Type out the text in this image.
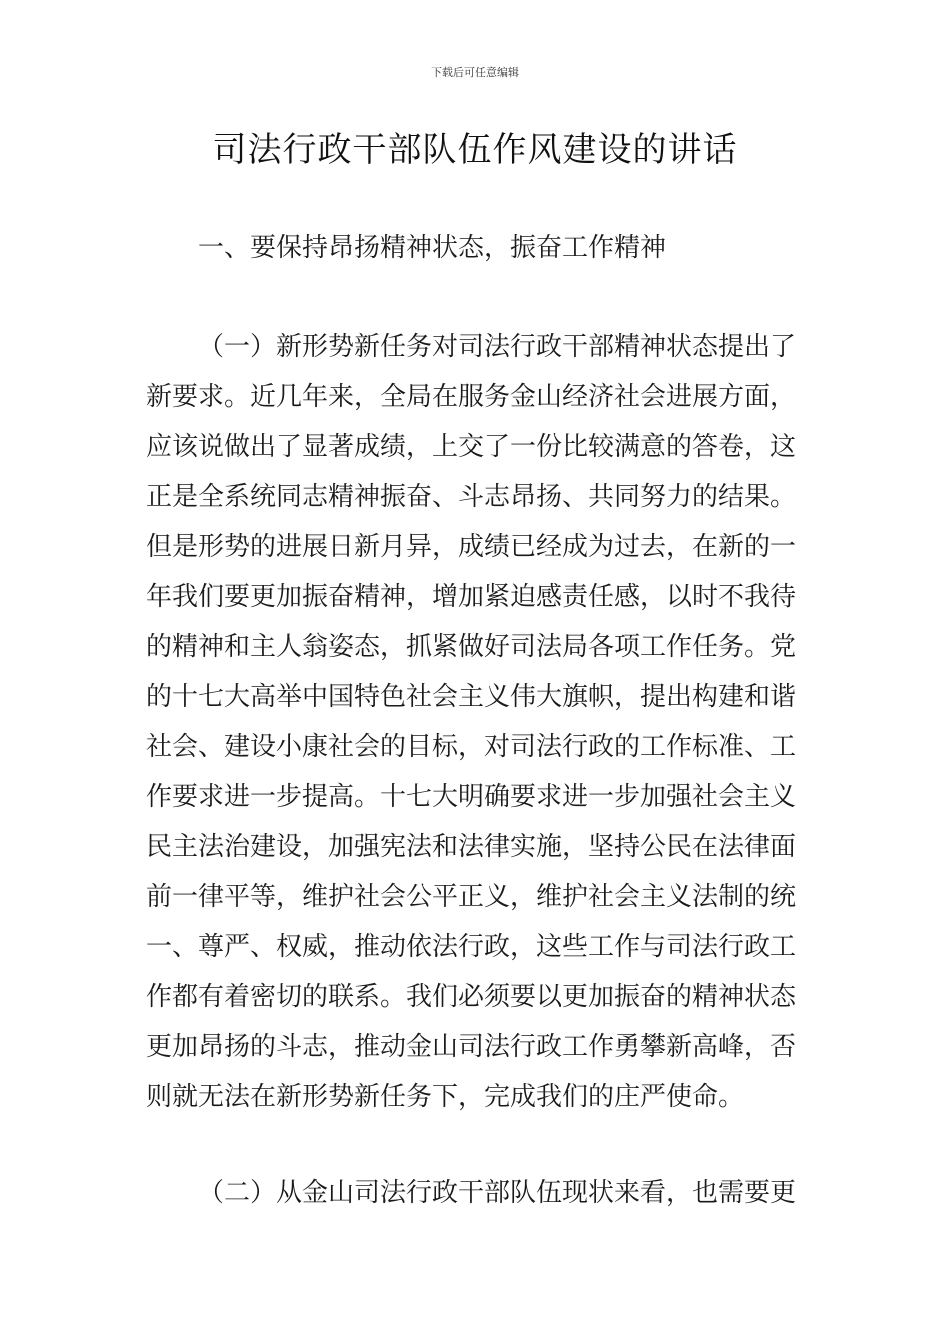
下载后可任意编辑
司法行政干部队伍作风建设的讲话
一、要保持昂扬精神状态，振奋工作精神

（一）新形势新任务对司法行政干部精神状态提出了
新要求。近几年来，全局在服务金山经济社会进展方面，
应该说做出了显著成绩，上交了一份比较满意的答卷，这
正是全系统同志精神振奋、斗志昂扬、共同努力的结果。
但是形势的进展日新月异，成绩已经成为过去，在新的一
年我们要更加振奋精神，增加紧迫感责任感，以时不我待
的精神和主人翁姿态，抓紧做好司法局各项工作任务。党
的十七大高举中国特色社会主义伟大旗帜，提出构建和谐
社会、建设小康社会的目标，对司法行政的工作标准、工
作要求进一步提高。十七大明确要求进一步加强社会主义
民主法治建设，加强宪法和法律实施，坚持公民在法律面
前一律平等，维护社会公平正义，维护社会主义法制的统
一、尊严、权威，推动依法行政，这些工作与司法行政工
作都有着密切的联系。我们必须要以更加振奋的精神状态
更加昂扬的斗志，推动金山司法行政工作勇攀新高峰，否
则就无法在新形势新任务下，完成我们的庄严使命。

（二）从金山司法行政干部队伍现状来看，也需要更
